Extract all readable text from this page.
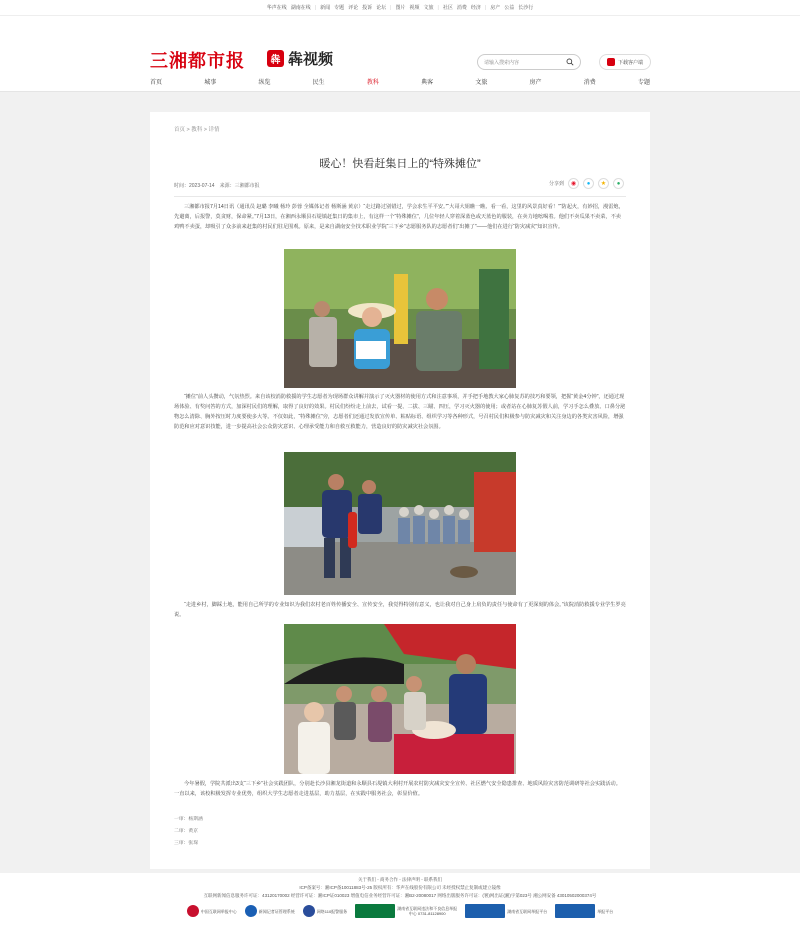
华声在线 湖南在线 | 新闻 专题 评论 投诉 论坛 | 图片 视频 文旅 | 社区 消费 经济 | 房产 公益 长沙行
三湘都市报	犇 犇视频	请输入搜索内容	下载客户端
首页	城事	纵览	民生	教科	典客	文旅	房产	消费	专题
首页 > 教科 > 详情
暖心！快看赶集日上的“特殊摊位”
时间：2023-07-14　来源：三湘都市报	分享到	◉	●	★	●

三湘都市报7月14日讯（通讯员 赵璐 李曦 杨玲 彭蓉 全媒体记者 杨斯涵 黄京）“走过路过别错过，学会求生平平安。”“大哥大姐瞧一瞧、看一看，这里的风景真好看！”“防起火，有妙招，漫雷炮，先避离，后报警，莫贪财，保命紧。”7月13日，在湘西永顺县石堤镇赶集日的集市上，有这样一个“特殊摊位”，几位年轻人穿着深蓝色或天蓝色的服装，在卖力地吆喝着。他们不卖瓜果不卖菜，不卖鸡鸭不卖蛋，却吸引了众多前来赶集的村民们驻足围观。原来，是来自湖南安全技术职业学院“三下乡”志愿服务队的志愿者们“出摊了”——他们在进行“防灾减灾”知识宣传。

“摊位”前人头攒动，气氛热烈。来自该校消防救援的学生志愿者为现场群众讲解并演示了灭火器材的使用方式和注意事项，并手把手地教大家心肺复苏的技巧和要领，把握“黄金4分钟”，还通过现场体验、有奖问答的方式，加深村民们的理解，取得了良好的效果。村民们纷纷走上前去，试看一提、二拔、三瞄、四压，学习灭火器的使用；或者站在心肺复苏假人前，学习手怎么叠放、口鼻分泌物怎么清除、胸外按压时力度要使多大等。不仅如此，“特殊摊位”旁，志愿者们还通过发放宣传单、粘贴标语、组织学习等各种形式，号召村民们积极参与防灾减灾和关注身边的各类灾害风险，增强防范和应对意识技能，进一步提高社会公众防灾意识、心理承受能力和自救互救能力，营造良好的防灾减灾社会氛围。

“走进乡村，脚踩土地，能用自己所学的专业知识为我们农村老百姓传播安全、宣传安全，我觉得特别有意义，也让我对自己身上肩负的责任与使命有了更深刻的体会。”该院消防救援专业学生罗亮说。

今年暑假，学院共派出3支“三下乡”社会实践团队，分别赴长沙县湘龙街道和永顺县石堤镇大利村开展农村防灾减灾安全宣传、社区燃气安全隐患排查、地质风险灾害防范调研等社会实践活动。一直以来，该校积极发挥专业优势，组织大学生志愿者走进基层，助力基层，在实践中服务社会，彰显价值。

一审：杨斯涵
二审：黄京
三审：张琛
关于我们 - 商务合作 - 法律声明 - 联系我们
ICP备案号：湘ICP备10011883号-25 版权所有：华声在线股份有限公司 未经授权禁止复制或建立镜像
互联网新闻信息服务许可证：43120170002 经营许可证：湘ICP证010023 增值电信业务经营许可证：湘B2-20080017 网络出版服务许可证：(署)网出证(湘)字第023号 湘公网安备 43010502000374号
中国互联网举报中心	新闻记者证管理系统	网络110报警服务	湖南省互联网违法和不良信息举报中心 0731-81128900	湖南省互联网举报平台	举报平台
